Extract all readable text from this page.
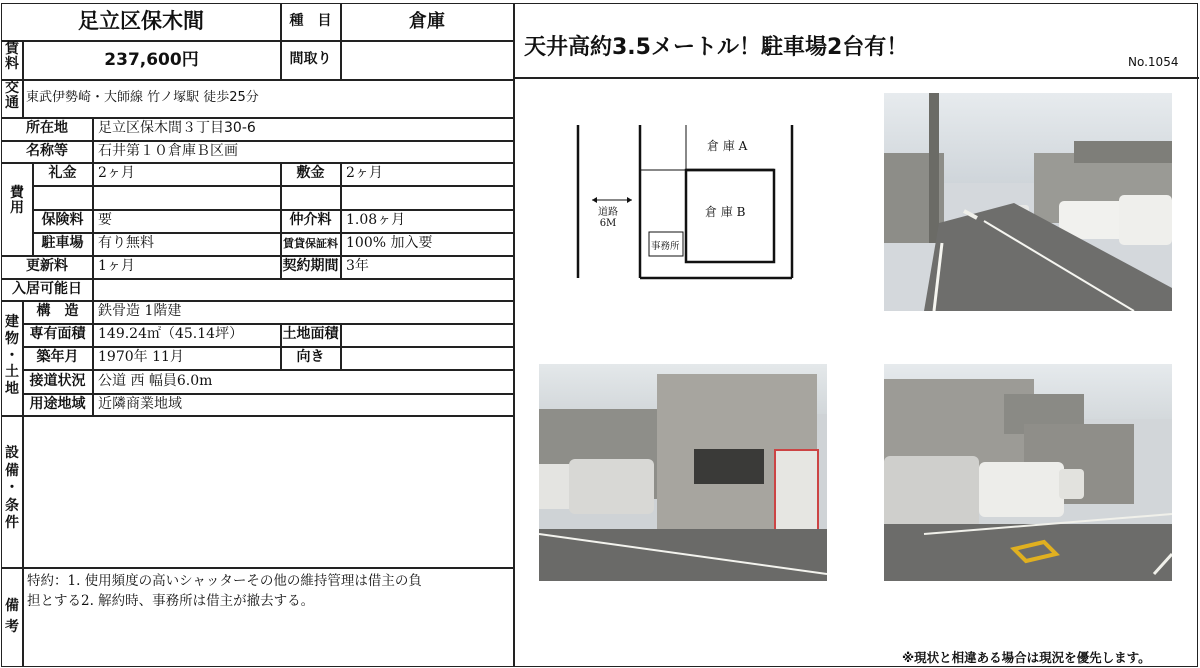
足立区保木間	種　目	倉庫
賃
料	237,600円	間取り
交
通 東武伊勢崎・大師線 竹ノ塚駅 徒歩25分
所在地	足立区保木間３丁目30-6
名称等	石井第１０倉庫Ｂ区画
費
用
礼金	2ヶ月	敷金	2ヶ月
保険料	要	仲介料	1.08ヶ月
駐車場	有り無料	賃貸保証料 100% 加入要
更新料	1ヶ月	契約期間 3年
入居可能日
建
物
・
土
地
構　造	鉄骨造 1階建
専有面積 149.24㎡（45.14坪）	土地面積
築年月	1970年 11月	向き
接道状況 公道 西 幅員6.0m
用途地域 近隣商業地域
設
備
・
条
件
備
考
特約：1. 使用頻度の高いシャッターその他の維持管理は借主の負
担とする2. 解約時、事務所は借主が撤去する。
天井高約3.5メートル！駐車場2台有！
No.1054
道路
6M
倉 庫 A
倉 庫 B
事務所
※現状と相違ある場合は現況を優先します。
